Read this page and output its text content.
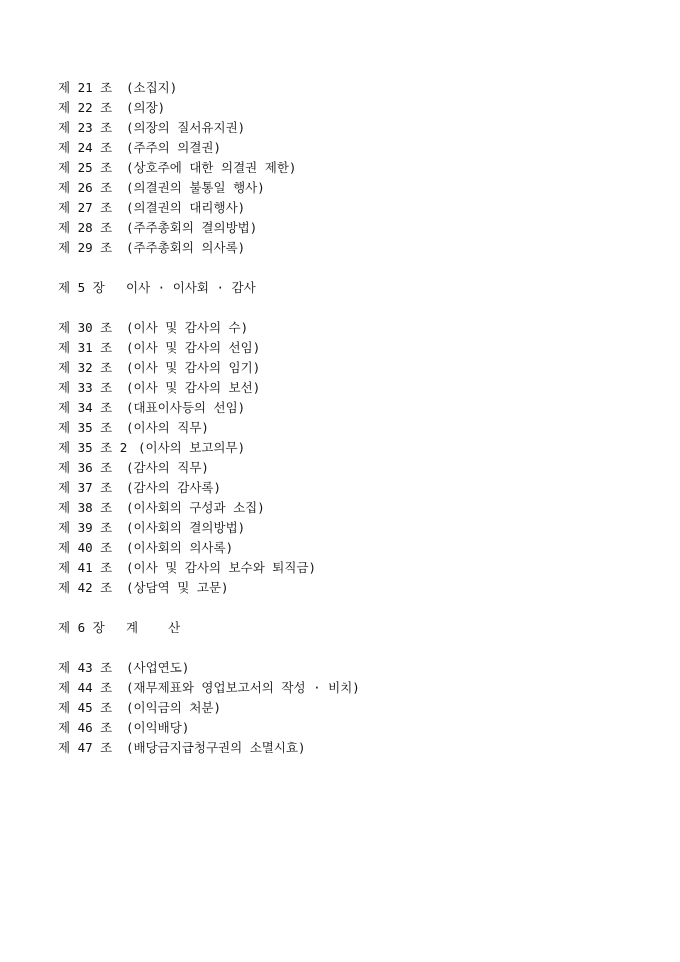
제 21 조	(소집지)
제 22 조	(의장)
제 23 조	(의장의 질서유지권)
제 24 조	(주주의 의결권)
제 25 조	(상호주에 대한 의결권 제한)
제 26 조	(의결권의 불통일 행사)
제 27 조	(의결권의 대리행사)
제 28 조	(주주총회의 결의방법)
제 29 조	(주주총회의 의사록)
제 5 장 이사 · 이사회 · 감사
제 30 조	(이사 및 감사의 수)
제 31 조	(이사 및 감사의 선임)
제 32 조	(이사 및 감사의 임기)
제 33 조	(이사 및 감사의 보선)
제 34 조	(대표이사등의 선임)
제 35 조	(이사의 직무)
제 35 조 2 (이사의 보고의무)
제 36 조	(감사의 직무)
제 37 조	(감사의 감사록)
제 38 조	(이사회의 구성과 소집)
제 39 조	(이사회의 결의방법)
제 40 조	(이사회의 의사록)
제 41 조	(이사 및 감사의 보수와 퇴직금)
제 42 조	(상담역 및 고문)
제 6 장 계    산
제 43 조	(사업연도)
제 44 조	(재무제표와 영업보고서의 작성 · 비치)
제 45 조	(이익금의 처분)
제 46 조	(이익배당)
제 47 조	(배당금지급청구권의 소멸시효)
